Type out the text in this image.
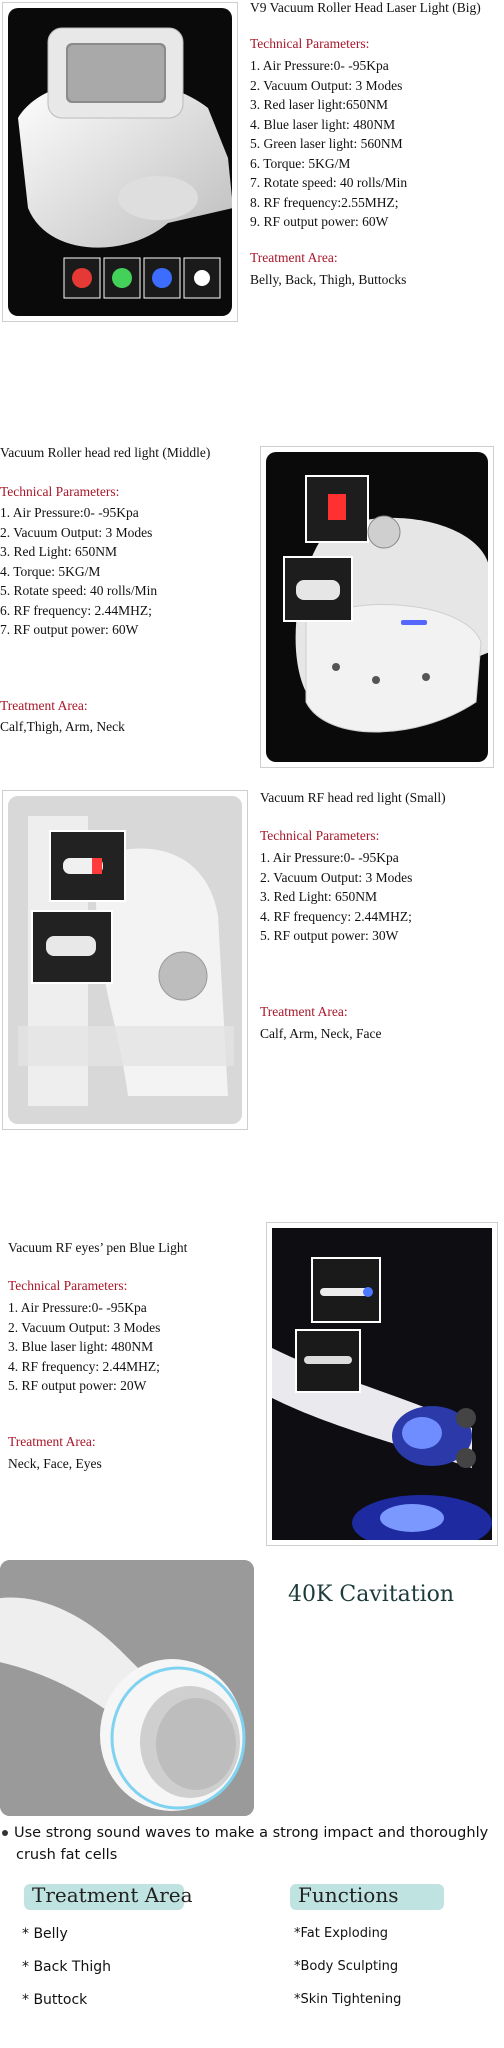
V9 Vacuum Roller Head Laser Light (Big)
Technical Parameters:
1. Air Pressure:0- -95Kpa
2. Vacuum Output: 3 Modes
3. Red laser light:650NM
4. Blue laser light: 480NM
5. Green laser light: 560NM
6. Torque: 5KG/M
7. Rotate speed: 40 rolls/Min
8. RF frequency:2.55MHZ;
9. RF output power: 60W
Treatment Area:
Belly, Back, Thigh, Buttocks
Vacuum Roller head red light (Middle)
Technical Parameters:
1. Air Pressure:0- -95Kpa
2. Vacuum Output: 3 Modes
3. Red Light: 650NM
4. Torque: 5KG/M
5. Rotate speed: 40 rolls/Min
6. RF frequency: 2.44MHZ;
7. RF output power: 60W
Treatment Area:
Calf,Thigh, Arm, Neck
Vacuum RF head red light (Small)
Technical Parameters:
1. Air Pressure:0- -95Kpa
2. Vacuum Output: 3 Modes
3. Red Light: 650NM
4. RF frequency: 2.44MHZ;
5. RF output power: 30W
Treatment Area:
Calf, Arm, Neck, Face
Vacuum RF eyes’ pen Blue Light
Technical Parameters:
1. Air Pressure:0- -95Kpa
2. Vacuum Output: 3 Modes
3. Blue laser light: 480NM
4. RF frequency: 2.44MHZ;
5. RF output power: 20W
Treatment Area:
Neck, Face, Eyes
40K Cavitation
Use strong sound waves to make a strong impact and thoroughly
crush fat cells
Treatment Area	Functions
* Belly
* Back Thigh
* Buttock
*Fat Exploding
*Body Sculpting
*Skin Tightening
